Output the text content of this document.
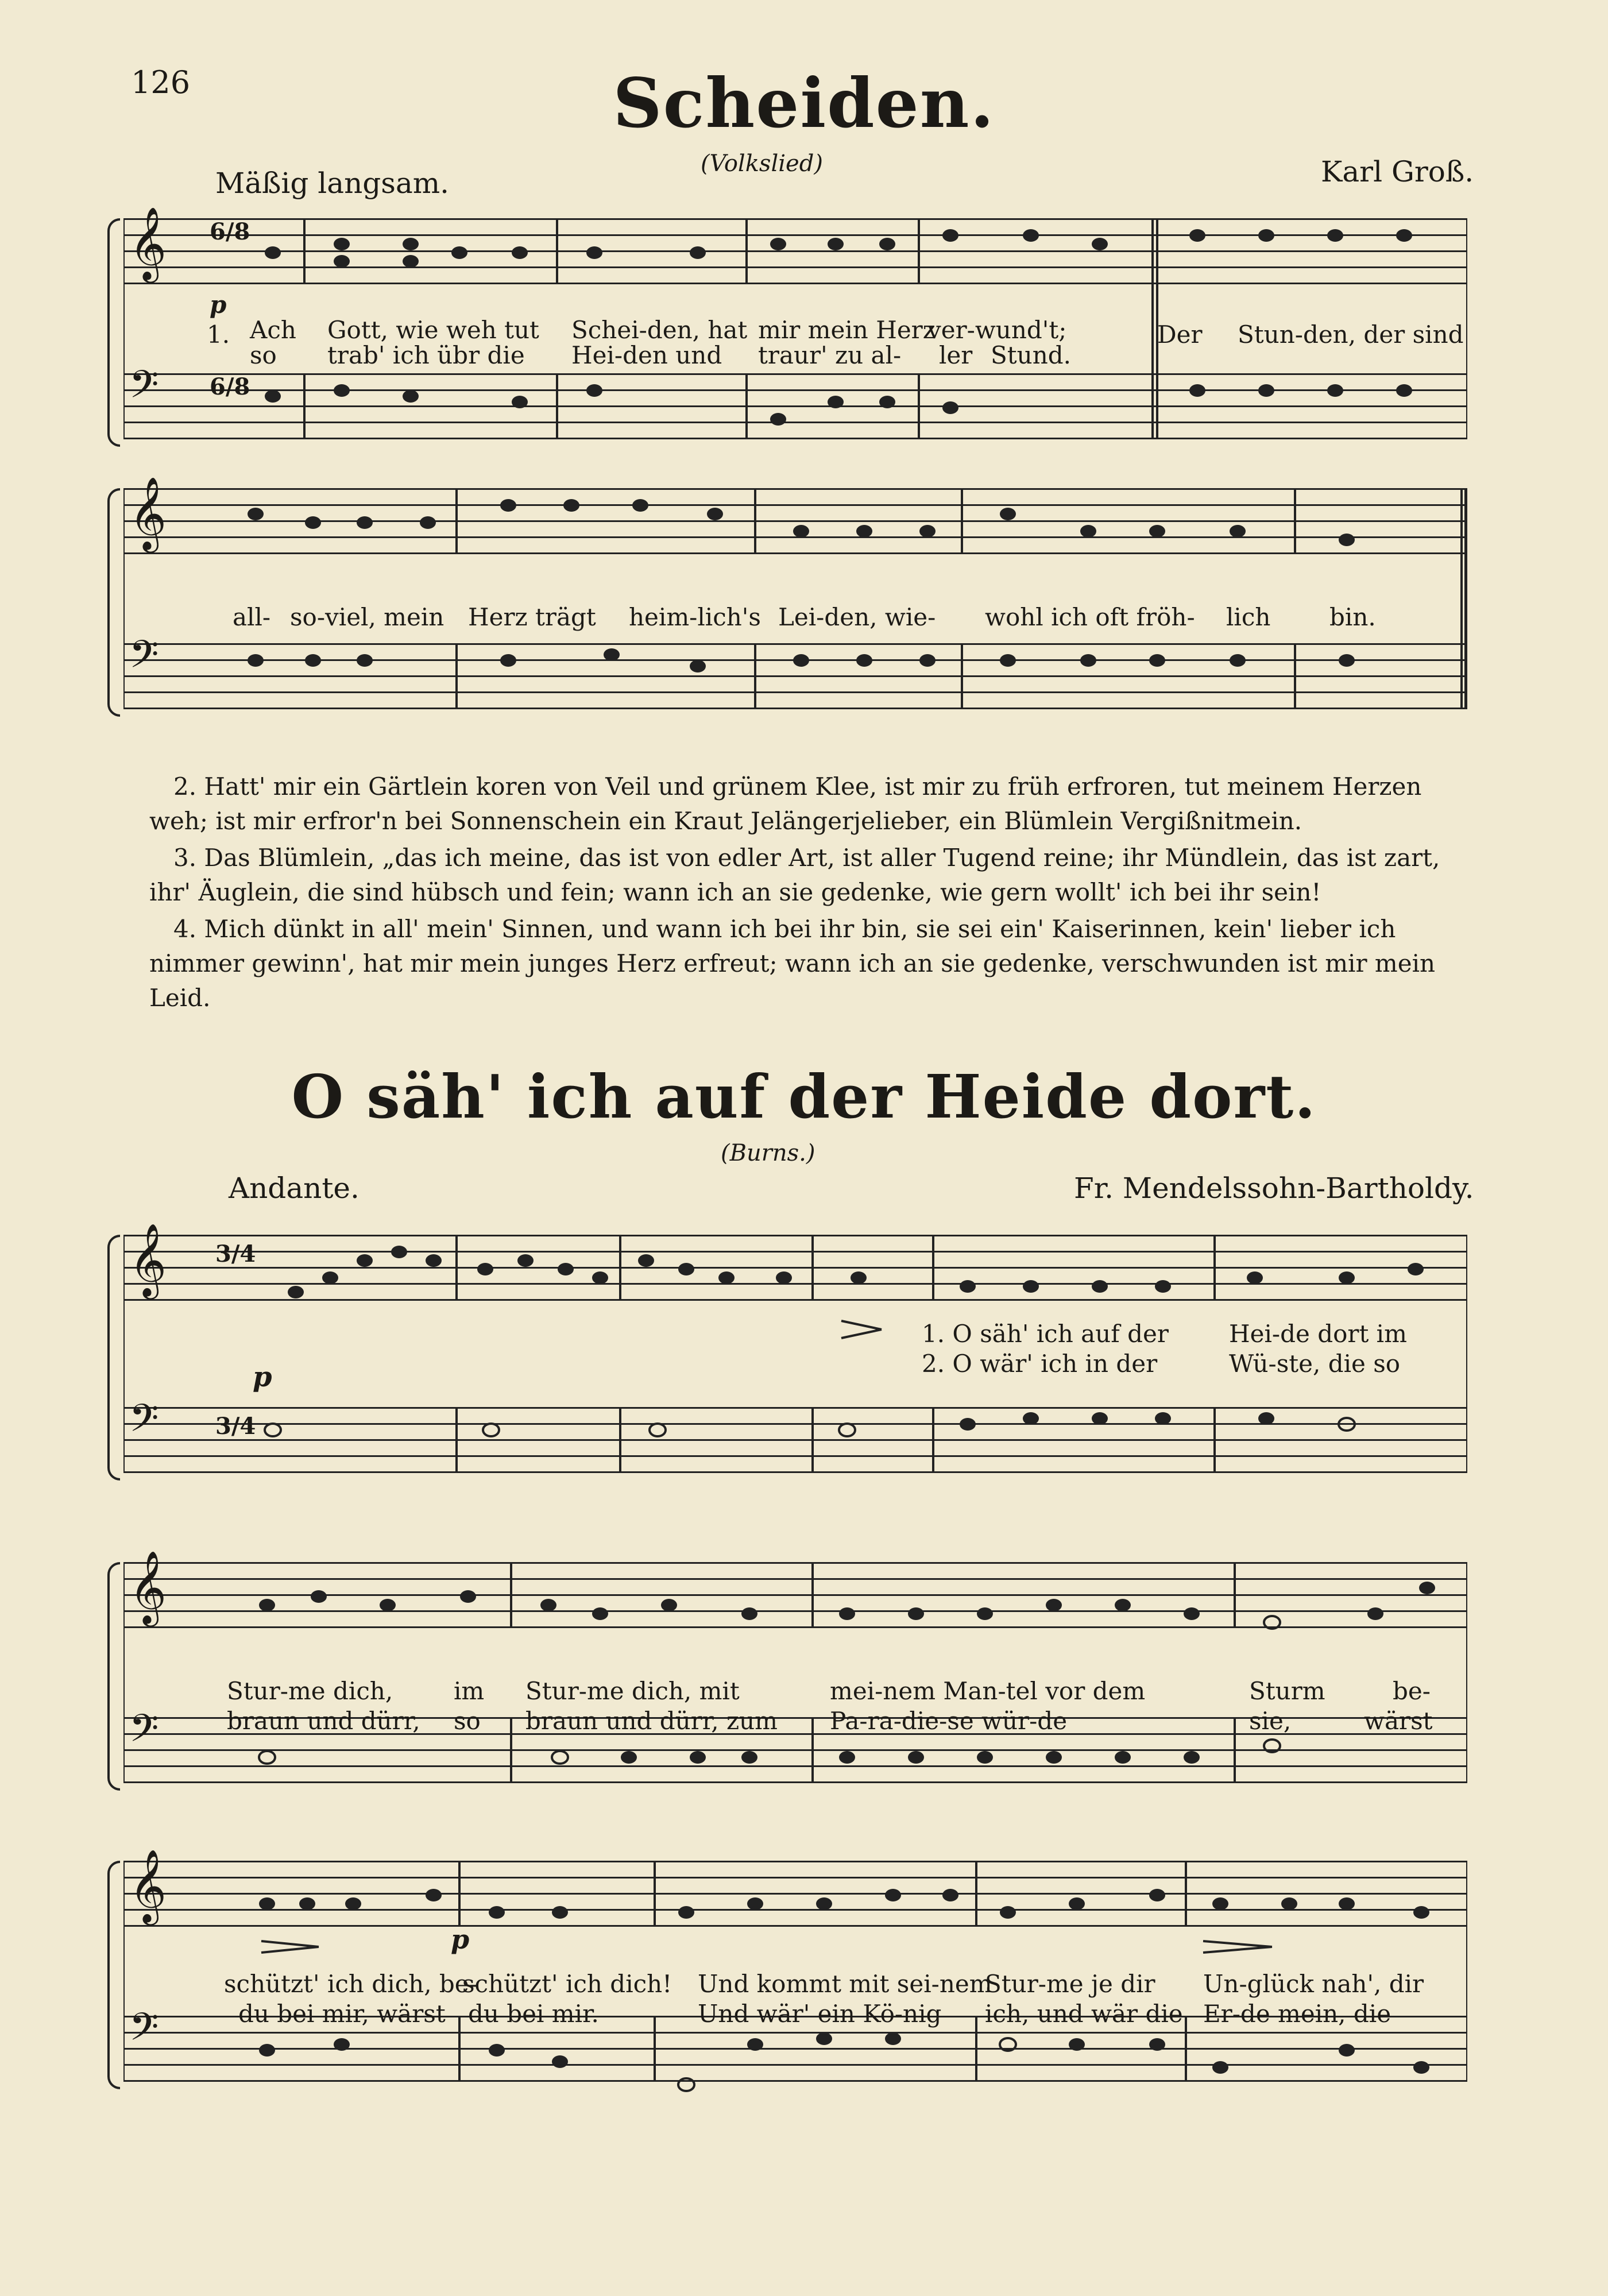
126	Scheiden.
(Volkslied)	Karl Groß.
Mäßig langsam.
𝄞
𝄢
6/8
6/8
p
1. Ach Gott, wie weh tut Schei-den, hat mir mein Herz
ver-wund't;	Der Stun-den, der sind
so trab' ich übr die Hei-den und traur' zu al- ler Stund.
𝄞
𝄢
all- so-viel, mein Herz trägt heim-lich's Lei-den, wie- wohl ich oft fröh- lich bin.

2. Hatt' mir ein Gärtlein koren von Veil und grünem Klee, ist mir zu früh erfroren, tut meinem Herzen weh; ist mir erfror'n bei Sonnenschein ein Kraut Jelängerjelieber, ein Blümlein Vergißnitmein.

3. Das Blümlein, „das ich meine, das ist von edler Art, ist aller Tugend reine; ihr Mündlein, das ist zart, ihr' Äuglein, die sind hübsch und fein; wann ich an sie gedenke, wie gern wollt' ich bei ihr sein!

4. Mich dünkt in all' mein' Sinnen, und wann ich bei ihr bin, sie sei ein' Kaiserinnen, kein' lieber ich nimmer gewinn', hat mir mein junges Herz erfreut; wann ich an sie gedenke, verschwunden ist mir mein Leid.

O säh' ich auf der Heide dort.
(Burns.)
Fr. Mendelssohn-Bartholdy.
Andante.
𝄞
𝄢
3/4
3/4
p
1. O säh' ich auf der	Hei-de dort im
2. O wär' ich in der	Wü-ste, die so
𝄞
𝄢
Stur-me dich,	im Stur-me dich, mit	mei-nem Man-tel vor dem	Sturm	be-
braun und dürr, so braun und dürr, zum Pa-ra-die-se wür-de	sie,	wärst
𝄞
𝄢
p
schützt' ich dich, be-
schützt' ich dich! Und kommt mit sei-nem
Stur-me je dir Un-glück nah', dir
du bei mir, wärst du bei mir.	Und wär' ein Kö-nig ich, und wär die Er-de mein, die
